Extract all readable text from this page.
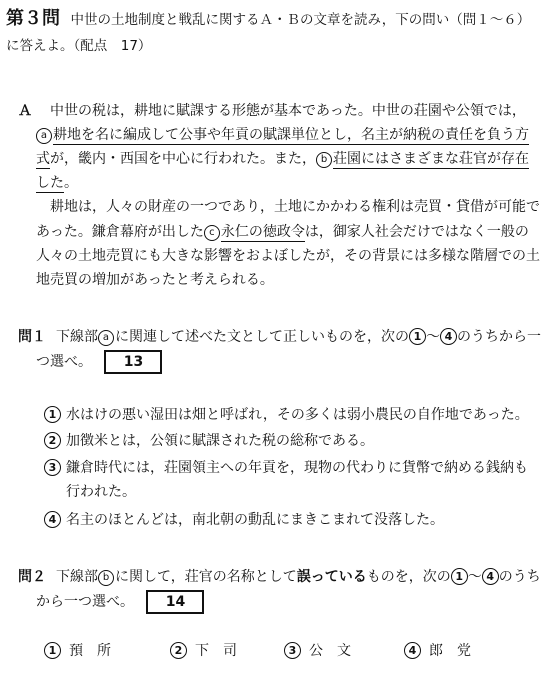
第３問 中世の土地制度と戦乱に関するＡ・Ｂの文章を読み，下の問い（問１～６）
に答えよ。（配点　17）
Ａ 中世の税は，耕地に賦課する形態が基本であった。中世の荘園や公領では，
a 耕地を名に編成して公事や年貢の賦課単位とし，名主が納税の責任を負う方
式が，畿内・西国を中心に行われた。また， b 荘園にはさまざまな荘官が存在
した。
耕地は，人々の財産の一つであり，土地にかかわる権利は売買・貸借が可能で
あった。鎌倉幕府が出した c 永仁の徳政令は，御家人社会だけではなく一般の
人々の土地売買にも大きな影響をおよぼしたが，その背景には多様な階層での土
地売買の増加があったと考えられる。
問１ 下線部 a に関連して述べた文として正しいものを，次の 1 ～ 4 のうちから一
つ選べ。 13
1 水はけの悪い湿田は畑と呼ばれ，その多くは弱小農民の自作地であった。
2 加徴米とは，公領に賦課された税の総称である。
3 鎌倉時代には，荘園領主への年貢を，現物の代わりに貨幣で納める銭納も
行われた。
4 名主のほとんどは，南北朝の動乱にまきこまれて没落した。
問２ 下線部 b に関して，荘官の名称として誤っているものを，次の 1 ～ 4 のうち
から一つ選べ。 14
1 預　所	2 下　司	3 公　文	4 郎　党
